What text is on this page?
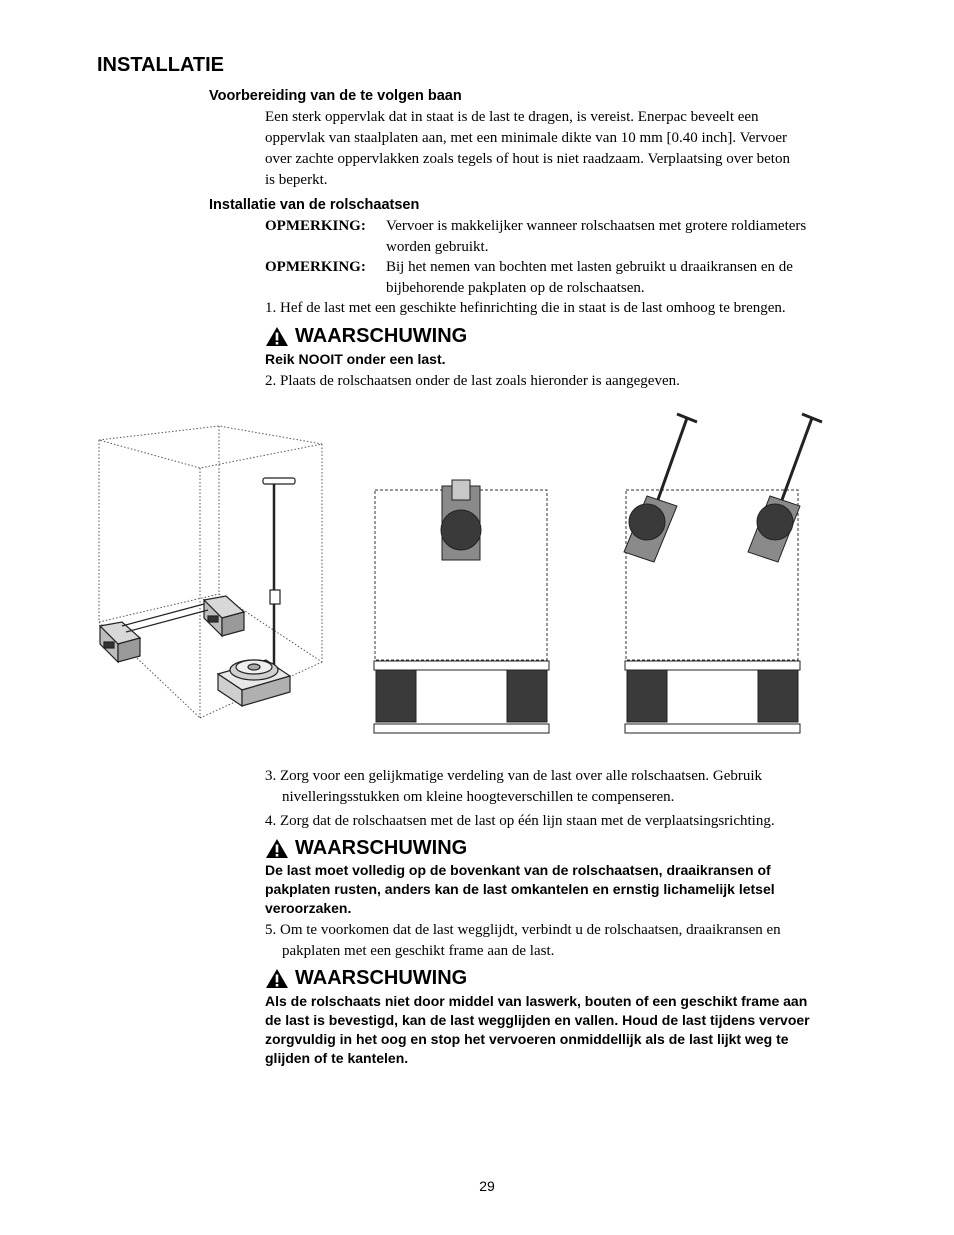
INSTALLATIE
Voorbereiding van de te volgen baan
Een sterk oppervlak dat in staat is de last te dragen, is vereist. Enerpac beveelt een
oppervlak van staalplaten aan, met een minimale dikte van 10 mm [0.40 inch]. Vervoer
over zachte oppervlakken zoals tegels of hout is niet raadzaam. Verplaatsing over beton
is beperkt.
Installatie van de rolschaatsen
OPMERKING:	Vervoer is makkelijker wanneer rolschaatsen met grotere roldiameters
worden gebruikt.
OPMERKING:	Bij het nemen van bochten met lasten gebruikt u draaikransen en de
bijbehorende pakplaten op de rolschaatsen.
1. Hef de last met een geschikte hefinrichting die in staat is de last omhoog te brengen.
WAARSCHUWING
Reik NOOIT onder een last.
2. Plaats de rolschaatsen onder de last zoals hieronder is aangegeven.
3. Zorg voor een gelijkmatige verdeling van de last over alle rolschaatsen. Gebruik
nivelleringsstukken om kleine hoogteverschillen te compenseren.
4. Zorg dat de rolschaatsen met de last op één lijn staan met de verplaatsingsrichting.
WAARSCHUWING
De last moet volledig op de bovenkant van de rolschaatsen, draaikransen of
pakplaten rusten, anders kan de last omkantelen en ernstig lichamelijk letsel
veroorzaken.
5. Om te voorkomen dat de last wegglijdt, verbindt u de rolschaatsen, draaikransen en
pakplaten met een geschikt frame aan de last.
WAARSCHUWING
Als de rolschaats niet door middel van laswerk, bouten of een geschikt frame aan
de last is bevestigd, kan de last wegglijden en vallen. Houd de last tijdens vervoer
zorgvuldig in het oog en stop het vervoeren onmiddellijk als de last lijkt weg te
glijden of te kantelen.
29
